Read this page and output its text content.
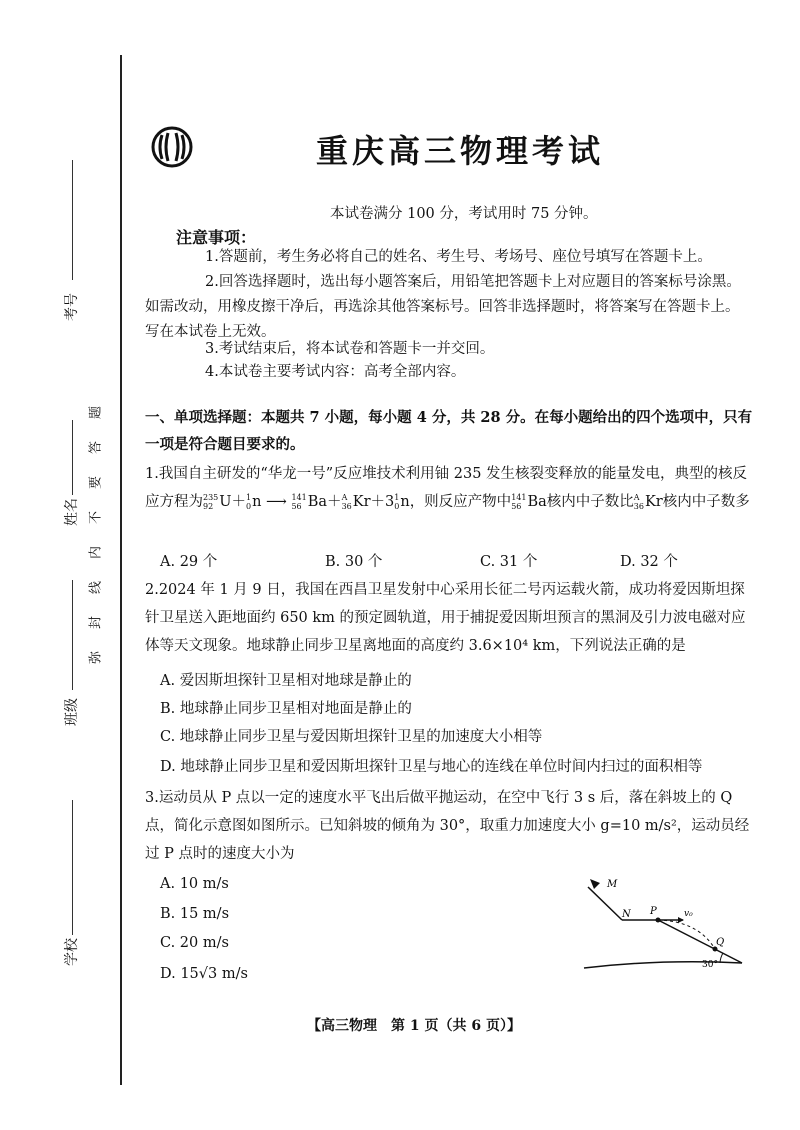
考号
姓名
班级
学校
题
答
要
不
内
线
封
弥
重庆高三物理考试
本试卷满分 100 分，考试用时 75 分钟。
注意事项：
1.答题前，考生务必将自己的姓名、考生号、考场号、座位号填写在答题卡上。
2.回答选择题时，选出每小题答案后，用铅笔把答题卡上对应题目的答案标号涂黑。如需改动，用橡皮擦干净后，再选涂其他答案标号。回答非选择题时，将答案写在答题卡上。写在本试卷上无效。
3.考试结束后，将本试卷和答题卡一并交回。
4.本试卷主要考试内容：高考全部内容。
一、单项选择题：本题共 7 小题，每小题 4 分，共 28 分。在每小题给出的四个选项中，只有一项是符合题目要求的。
1.我国自主研发的“华龙一号”反应堆技术利用铀 235 发生核裂变释放的能量发电，典型的核反应方程为 235
92 U＋ 1
0 n ⟶ 141
56 Ba＋ A
36 Kr＋3 1
0 n，则反应产物中 141
56 Ba核内中子数比 A
36 Kr核内中子数多
A. 29 个	B. 30 个	C. 31 个	D. 32 个
2.2024 年 1 月 9 日，我国在西昌卫星发射中心采用长征二号丙运载火箭，成功将爱因斯坦探针卫星送入距地面约 650 km 的预定圆轨道，用于捕捉爱因斯坦预言的黑洞及引力波电磁对应体等天文现象。地球静止同步卫星离地面的高度约 3.6×10⁴ km，下列说法正确的是
A. 爱因斯坦探针卫星相对地球是静止的
B. 地球静止同步卫星相对地面是静止的
C. 地球静止同步卫星与爱因斯坦探针卫星的加速度大小相等
D. 地球静止同步卫星和爱因斯坦探针卫星与地心的连线在单位时间内扫过的面积相等
3.运动员从 P 点以一定的速度水平飞出后做平抛运动，在空中飞行 3 s 后，落在斜坡上的 Q 点，简化示意图如图所示。已知斜坡的倾角为 30°，取重力加速度大小 g=10 m/s²，运动员经过 P 点时的速度大小为
A. 10 m/s
B. 15 m/s
C. 20 m/s
D. 15√3 m/s
M
N P	v₀
Q
30°
【高三物理　第 1 页（共 6 页）】
